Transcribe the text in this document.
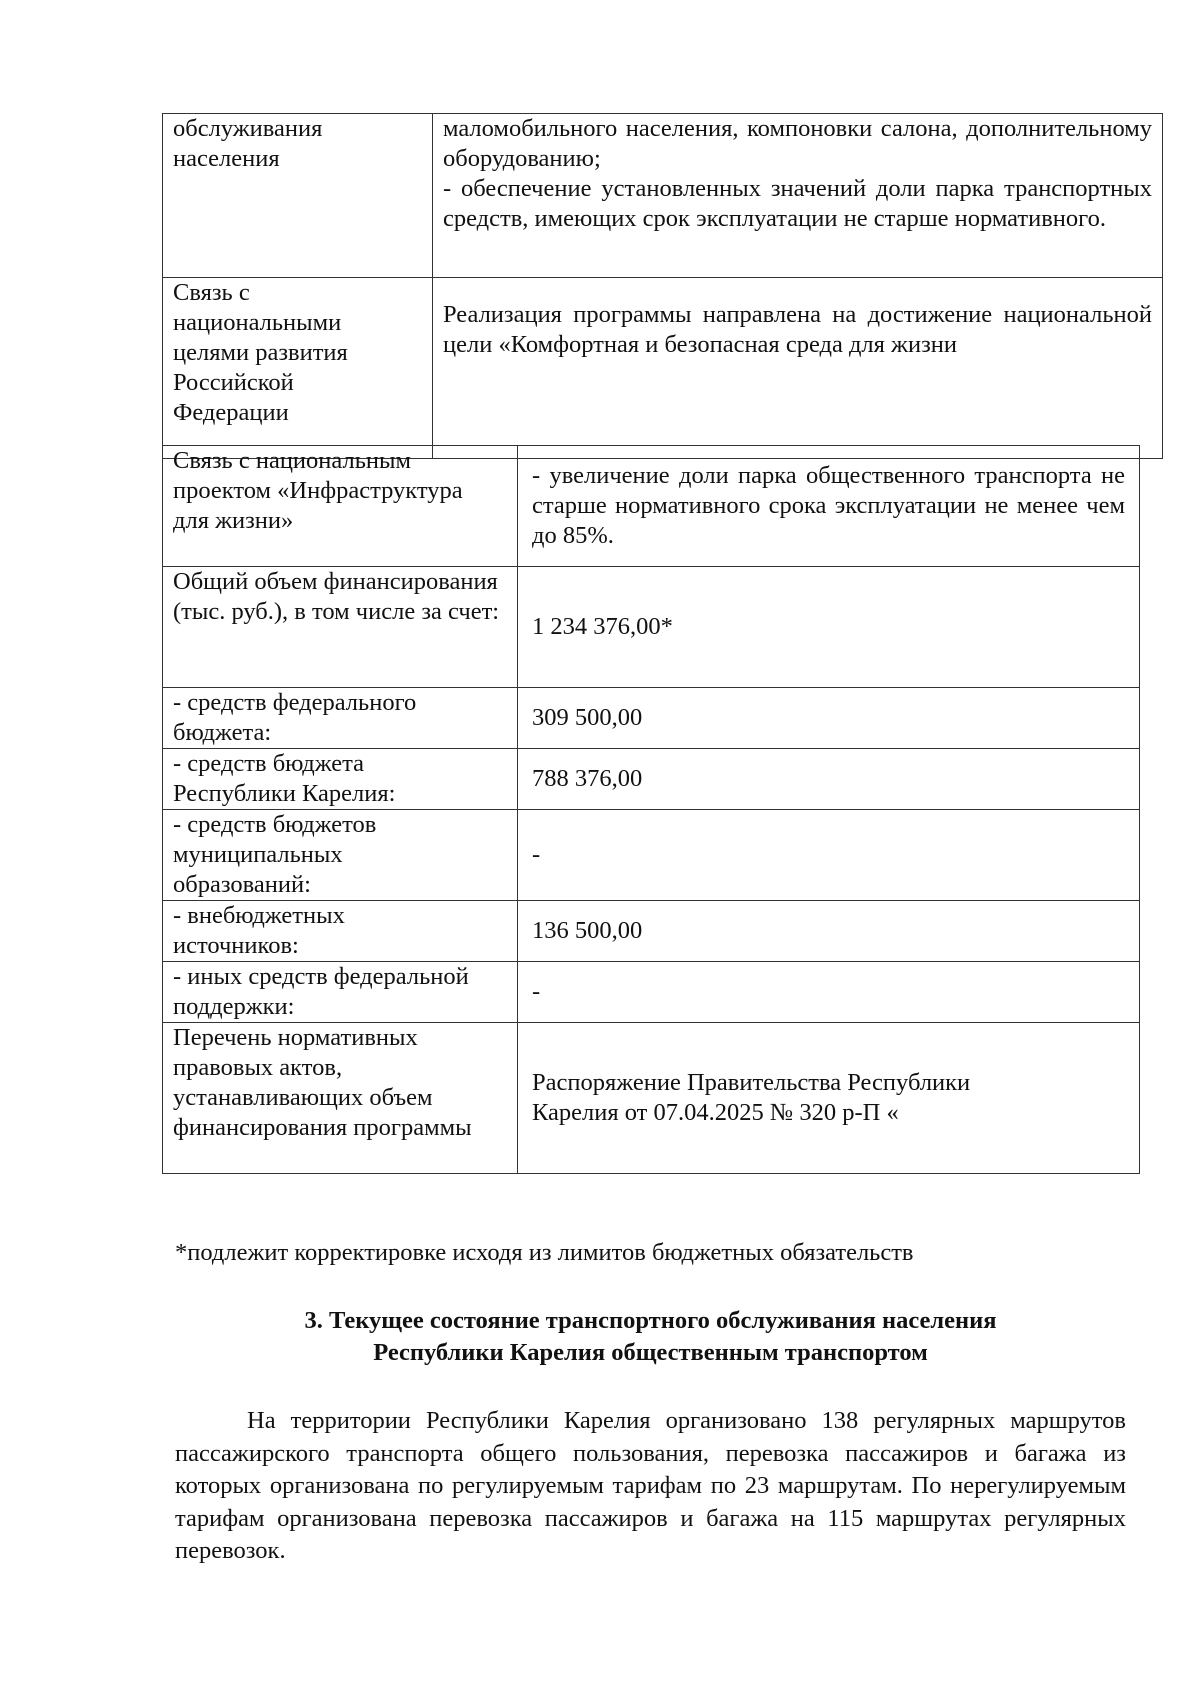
обслуживания населения	маломобильного населения, компоновки салона, дополнительному оборудованию;
- обеспечение установленных значений доли парка транспортных средств, имеющих срок эксплуатации не старше нормативного.

Связь с национальными целями развития Российской Федерации	Реализация программы направлена на достижение национальной цели «Комфортная и безопасная среда для жизни
Связь с национальным проектом «Инфраструктура для жизни»	- увеличение доли парка общественного транспорта не старше нормативного срока эксплуатации не менее чем до 85%.

Общий объем финансирования (тыс. руб.), в том числе за счет:	1 234 376,00*

- средств федерального бюджета:	309 500,00

- средств бюджета Республики Карелия:	788 376,00

- средств бюджетов муниципальных образований:	-

- внебюджетных источников:	136 500,00

- иных средств федеральной поддержки:	-

Перечень нормативных правовых актов, устанавливающих объем финансирования программы	Распоряжение Правительства Республики Карелия от 07.04.2025 № 320 р-П «
*подлежит корректировке исходя из лимитов бюджетных обязательств
3. Текущее состояние транспортного обслуживания населения
Республики Карелия общественным транспортом
На территории Республики Карелия организовано 138 регулярных маршрутов пассажирского транспорта общего пользования, перевозка пассажиров и багажа из которых организована по регулируемым тарифам по 23 маршрутам. По нерегулируемым тарифам организована перевозка пассажиров и багажа на 115 маршрутах регулярных перевозок.
